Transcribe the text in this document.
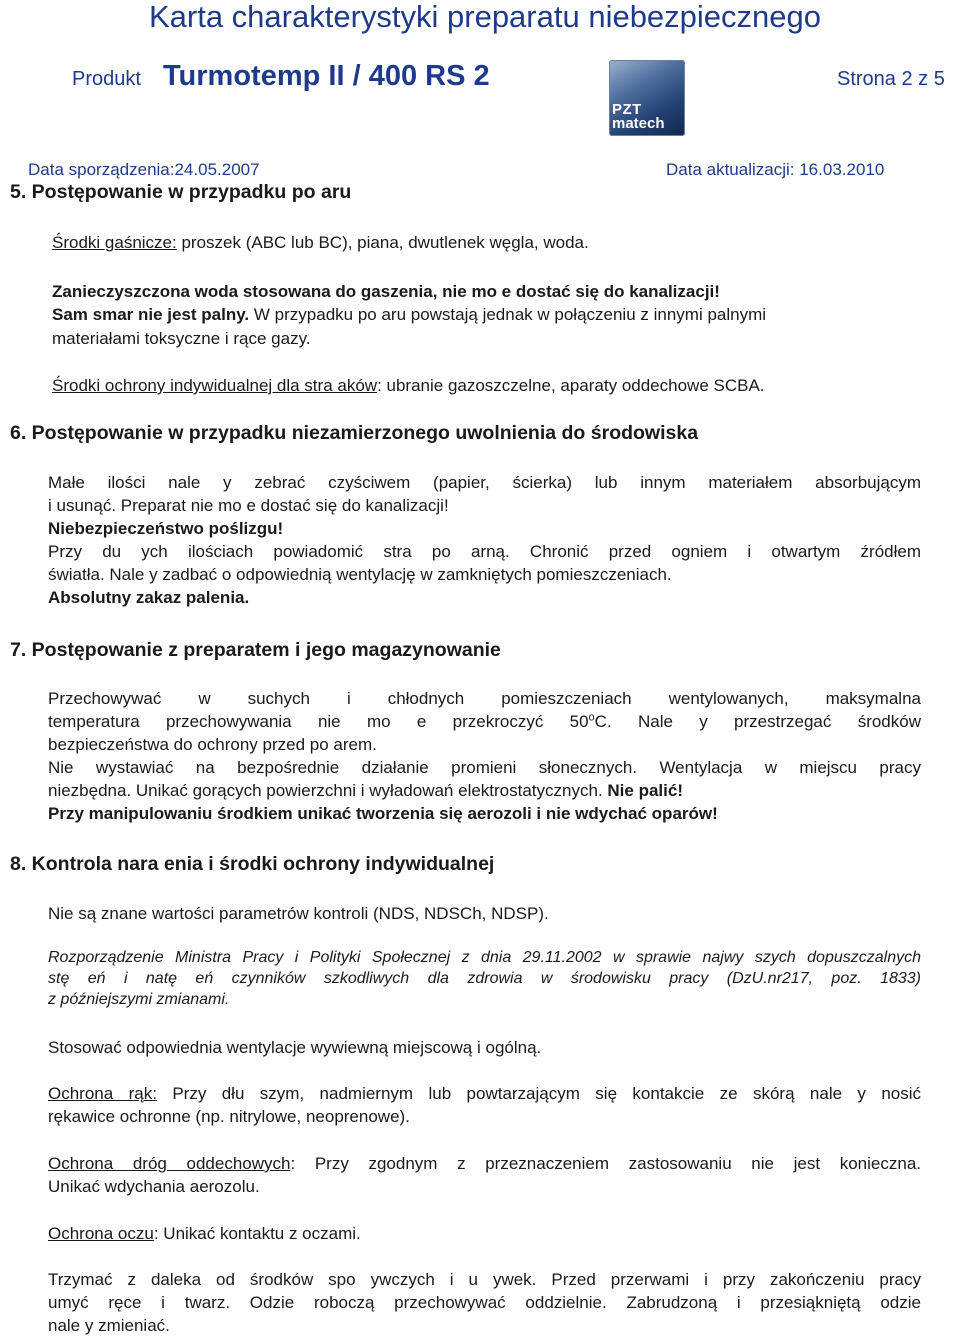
Karta charakterystyki preparatu niebezpiecznego
Produkt Turmotemp II / 400 RS 2	Strona 2 z 5
PZT
matech
Data sporządzenia:24.05.2007	Data aktualizacji: 16.03.2010
5. Postępowanie w przypadku po aru
Środki gaśnicze: proszek (ABC lub BC), piana, dwutlenek węgla, woda.
Zanieczyszczona woda stosowana do gaszenia, nie mo e dostać się do kanalizacji!
Sam smar nie jest palny. W przypadku po aru powstają jednak w połączeniu z innymi palnymi
materiałami toksyczne i rące gazy.
Środki ochrony indywidualnej dla stra aków: ubranie gazoszczelne, aparaty oddechowe SCBA.
6. Postępowanie w przypadku niezamierzonego uwolnienia do środowiska
Małe ilości nale y zebrać czyściwem (papier, ścierka) lub innym materiałem absorbującym
i usunąć. Preparat nie mo e dostać się do kanalizacji!
Niebezpieczeństwo poślizgu!
Przy du ych ilościach powiadomić stra po arną. Chronić przed ogniem i otwartym źródłem
światła. Nale y zadbać o odpowiednią wentylację w zamkniętych pomieszczeniach.
Absolutny zakaz palenia.
7. Postępowanie z preparatem i jego magazynowanie
Przechowywać w suchych i chłodnych pomieszczeniach wentylowanych, maksymalna
temperatura przechowywania nie mo e przekroczyć 50$^o$C. Nale y przestrzegać środków
bezpieczeństwa do ochrony przed po arem.
Nie wystawiać na bezpośrednie działanie promieni słonecznych. Wentylacja w miejscu pracy
niezbędna. Unikać gorących powierzchni i wyładowań elektrostatycznych. Nie palić!
Przy manipulowaniu środkiem unikać tworzenia się aerozoli i nie wdychać oparów!
8. Kontrola nara enia i środki ochrony indywidualnej
Nie są znane wartości parametrów kontroli (NDS, NDSCh, NDSP).
Rozporządzenie Ministra Pracy i Polityki Społecznej z dnia 29.11.2002 w sprawie najwy szych dopuszczalnych
stę eń i natę eń czynników szkodliwych dla zdrowia w środowisku pracy (DzU.nr217, poz. 1833)
z późniejszymi zmianami.
Stosować odpowiednia wentylacje wywiewną miejscową i ogólną.
Ochrona rąk: Przy dłu szym, nadmiernym lub powtarzającym się kontakcie ze skórą nale y nosić
rękawice ochronne (np. nitrylowe, neoprenowe).
Ochrona dróg oddechowych: Przy zgodnym z przeznaczeniem zastosowaniu nie jest konieczna.
Unikać wdychania aerozolu.
Ochrona oczu: Unikać kontaktu z oczami.
Trzymać z daleka od środków spo ywczych i u ywek. Przed przerwami i przy zakończeniu pracy
umyć ręce i twarz. Odzie roboczą przechowywać oddzielnie. Zabrudzoną i przesiąkniętą odzie
nale y zmieniać.
